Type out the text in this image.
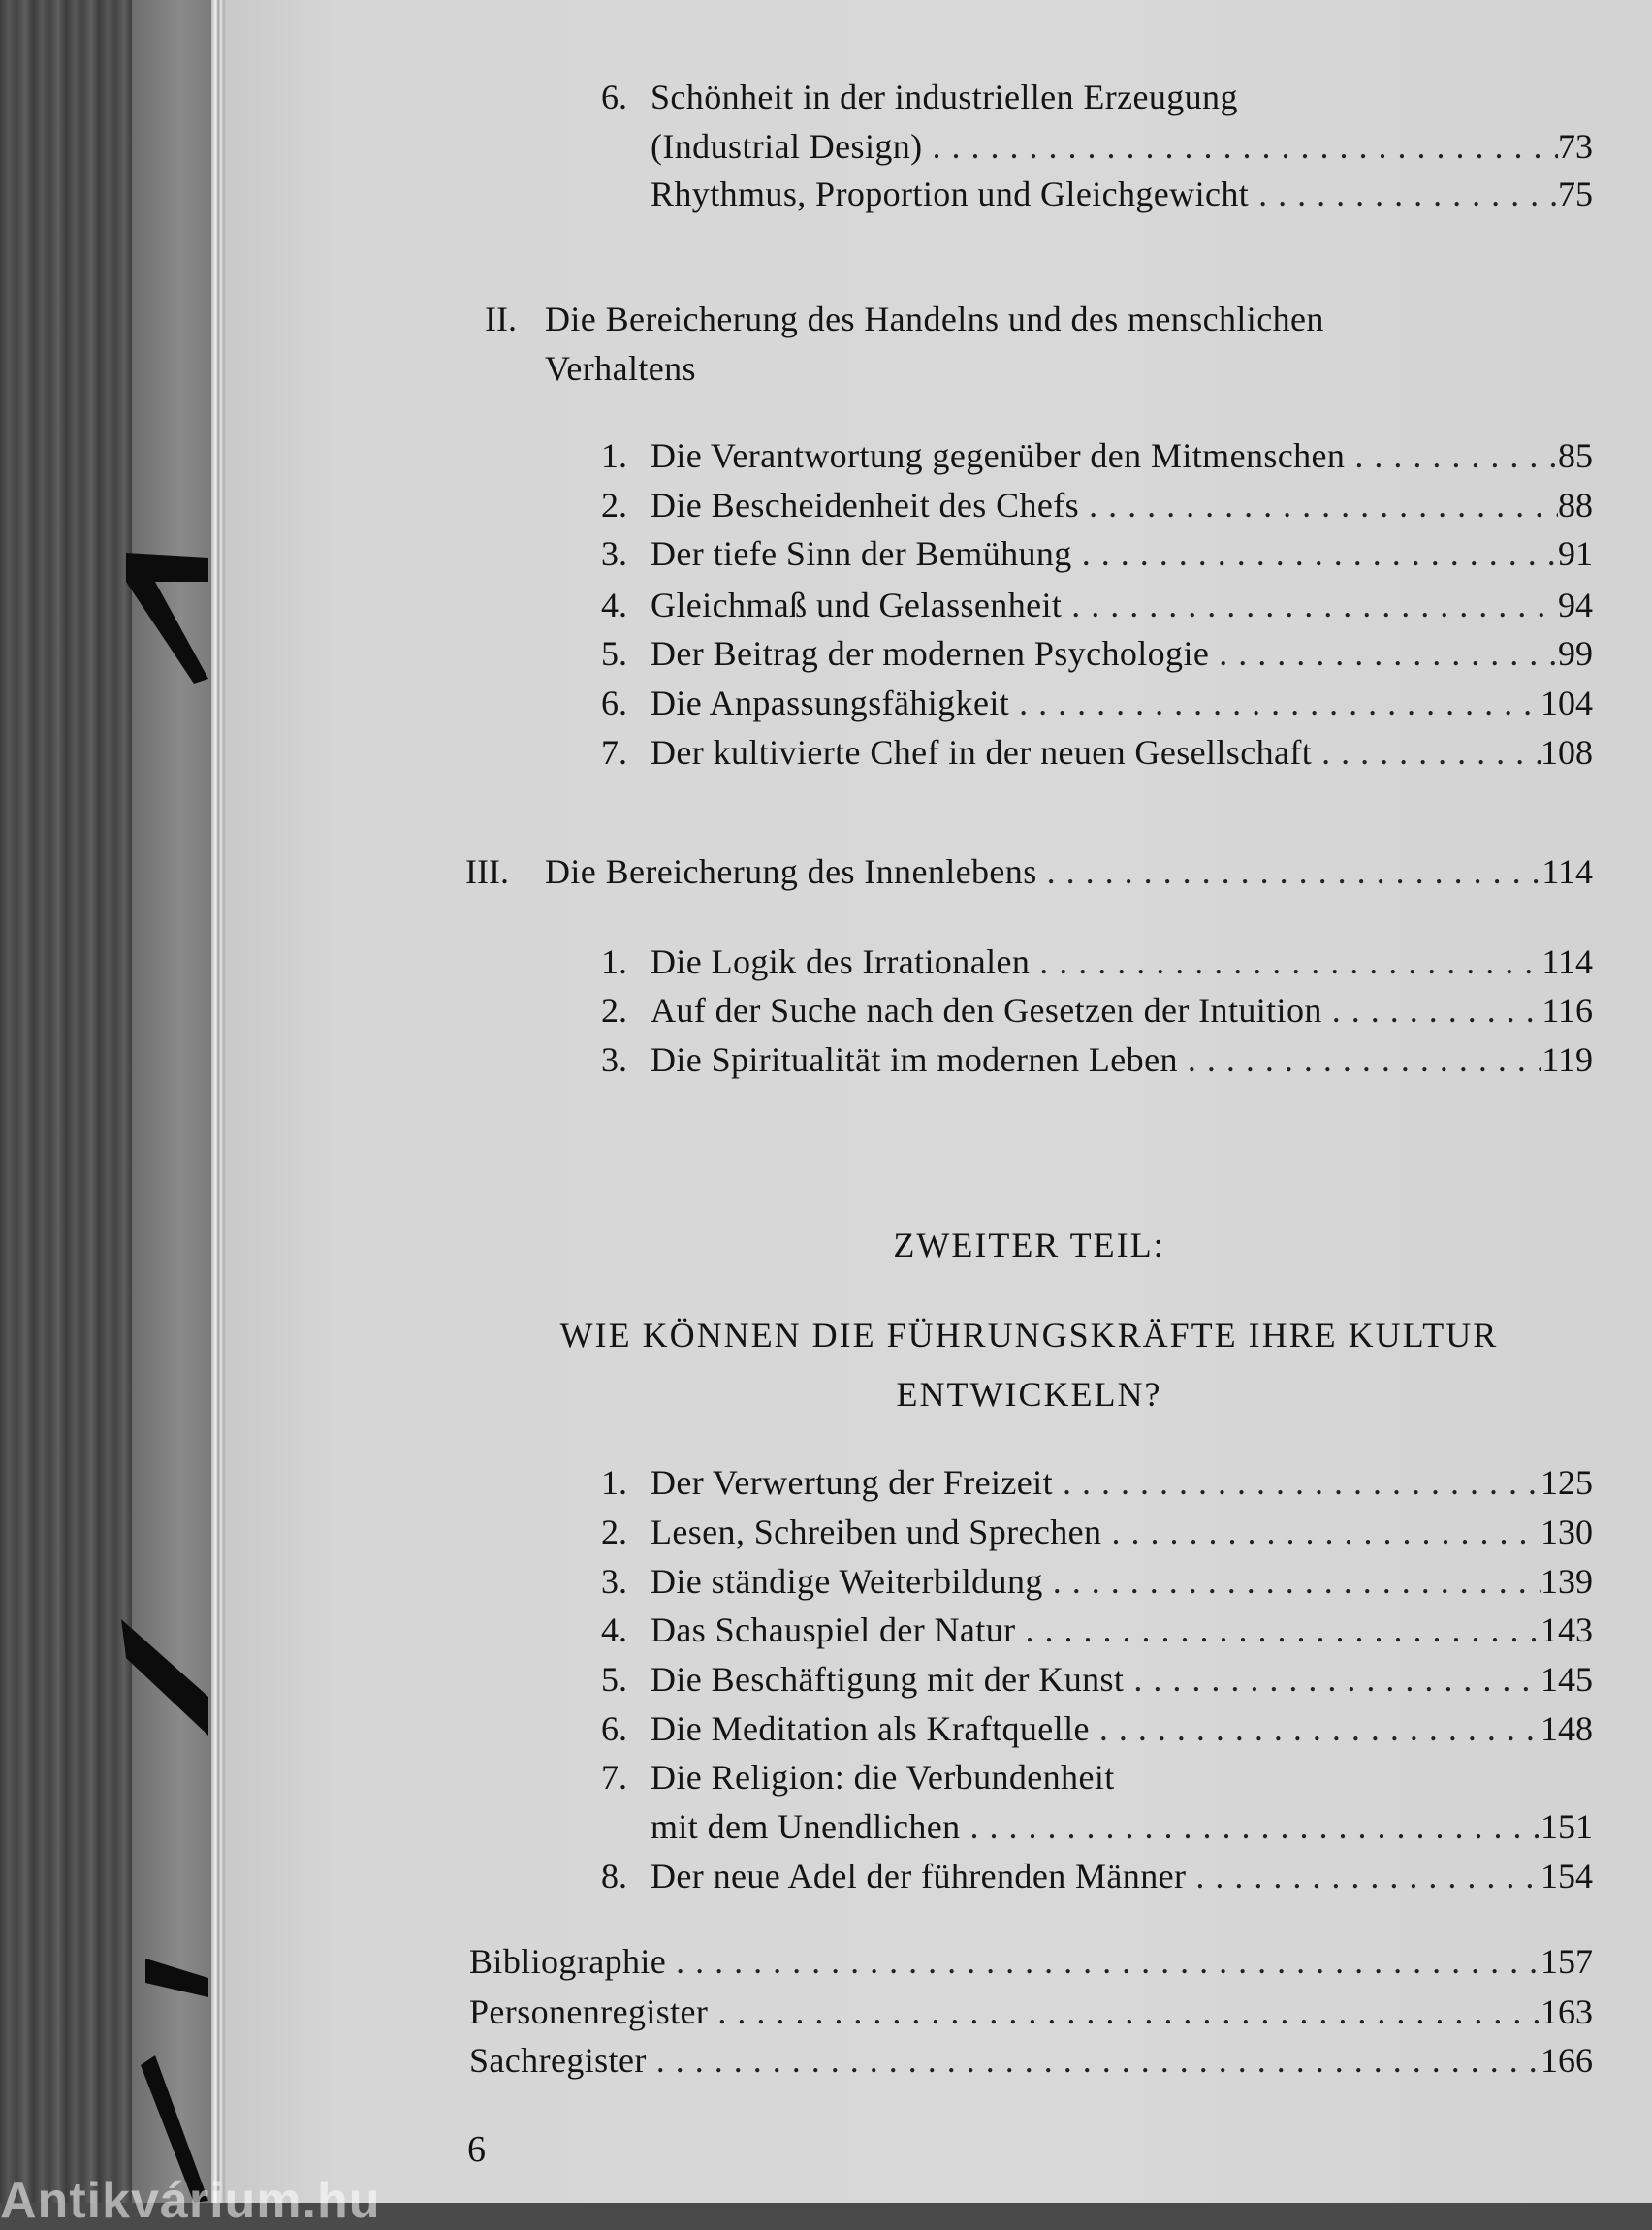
6. Schönheit in der industriellen Erzeugung
(Industrial Design) . . .	73
Rhythmus, Proportion und Gleichgewicht . . .	75
II. Die Bereicherung des Handelns und des menschlichen
Verhaltens
1. Die Verantwortung gegenüber den Mitmenschen . . .	85
2. Die Bescheidenheit des Chefs . . .	88
3. Der tiefe Sinn der Bemühung . . .	91
4. Gleichmaß und Gelassenheit . . .	94
5. Der Beitrag der modernen Psychologie . . .	99
6. Die Anpassungsfähigkeit . . .	104
7. Der kultivierte Chef in der neuen Gesellschaft . . .	108
III. Die Bereicherung des Innenlebens . . .	114
1. Die Logik des Irrationalen . . .	114
2. Auf der Suche nach den Gesetzen der Intuition . . .	116
3. Die Spiritualität im modernen Leben . . .	119
ZWEITER TEIL:
WIE KÖNNEN DIE FÜHRUNGSKRÄFTE IHRE KULTUR
ENTWICKELN?
1. Der Verwertung der Freizeit . . .	125
2. Lesen, Schreiben und Sprechen . . .	130
3. Die ständige Weiterbildung . . .	139
4. Das Schauspiel der Natur . . .	143
5. Die Beschäftigung mit der Kunst . . .	145
6. Die Meditation als Kraftquelle . . .	148
7. Die Religion: die Verbundenheit
mit dem Unendlichen . . .	151
8. Der neue Adel der führenden Männer . . .	154
Bibliographie . . .	157
Personenregister . . .	163
Sachregister . . .	166
6
Antikvárium.hu
